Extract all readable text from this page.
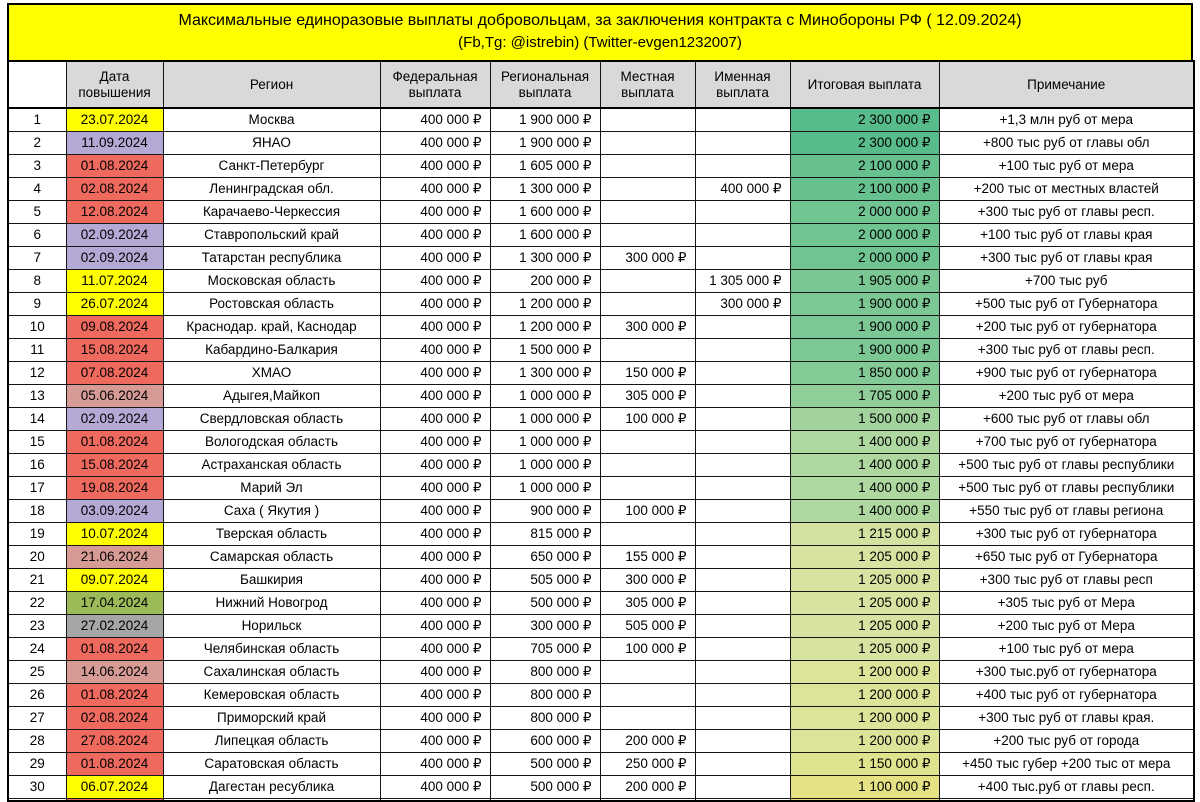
Максимальные единоразовые выплаты добровольцам, за заключения контракта с Минобороны РФ ( 12.09.2024)
(Fb,Tg: @istrebin) (Twitter-evgen1232007)
	Дата повышения	Регион	Федеральная выплата	Региональная выплата	Местная выплата	Именная выплата	Итоговая выплата	Примечание
1	23.07.2024	Москва	400 000 ₽	1 900 000 ₽			2 300 000 ₽	+1,3 млн руб от мера
2	11.09.2024	ЯНАО	400 000 ₽	1 900 000 ₽			2 300 000 ₽	+800 тыс руб от главы обл
3	01.08.2024	Санкт-Петербург	400 000 ₽	1 605 000 ₽			2 100 000 ₽	+100 тыс руб от мера
4	02.08.2024	Ленинградская обл.	400 000 ₽	1 300 000 ₽		400 000 ₽	2 100 000 ₽	+200 тыс от местных властей
5	12.08.2024	Карачаево-Черкессия	400 000 ₽	1 600 000 ₽			2 000 000 ₽	+300 тыс руб от главы респ.
6	02.09.2024	Ставропольский край	400 000 ₽	1 600 000 ₽			2 000 000 ₽	+100 тыс руб от главы края
7	02.09.2024	Татарстан республика	400 000 ₽	1 300 000 ₽	300 000 ₽		2 000 000 ₽	+300 тыс руб от главы края
8	11.07.2024	Московская область	400 000 ₽	200 000 ₽		1 305 000 ₽	1 905 000 ₽	+700 тыс руб
9	26.07.2024	Ростовская область	400 000 ₽	1 200 000 ₽		300 000 ₽	1 900 000 ₽	+500 тыс руб от Губернатора
10	09.08.2024	Краснодар. край, Каснодар	400 000 ₽	1 200 000 ₽	300 000 ₽		1 900 000 ₽	+200 тыс руб от губернатора
11	15.08.2024	Кабардино-Балкария	400 000 ₽	1 500 000 ₽			1 900 000 ₽	+300 тыс руб от главы респ.
12	07.08.2024	ХМАО	400 000 ₽	1 300 000 ₽	150 000 ₽		1 850 000 ₽	+900 тыс руб от губернатора
13	05.06.2024	Адыгея,Майкоп	400 000 ₽	1 000 000 ₽	305 000 ₽		1 705 000 ₽	+200 тыс руб от мера
14	02.09.2024	Свердловская область	400 000 ₽	1 000 000 ₽	100 000 ₽		1 500 000 ₽	+600 тыс руб от главы обл
15	01.08.2024	Вологодская область	400 000 ₽	1 000 000 ₽			1 400 000 ₽	+700 тыс руб от губернатора
16	15.08.2024	Астраханская область	400 000 ₽	1 000 000 ₽			1 400 000 ₽	+500 тыс руб от главы республики
17	19.08.2024	Марий Эл	400 000 ₽	1 000 000 ₽			1 400 000 ₽	+500 тыс руб от главы республики
18	03.09.2024	Саха ( Якутия )	400 000 ₽	900 000 ₽	100 000 ₽		1 400 000 ₽	+550 тыс руб от главы региона
19	10.07.2024	Тверская область	400 000 ₽	815 000 ₽			1 215 000 ₽	+300 тыс руб от губернатора
20	21.06.2024	Самарская область	400 000 ₽	650 000 ₽	155 000 ₽		1 205 000 ₽	+650 тыс руб от Губернатора
21	09.07.2024	Башкирия	400 000 ₽	505 000 ₽	300 000 ₽		1 205 000 ₽	+300 тыс руб от главы респ
22	17.04.2024	Нижний Новогрод	400 000 ₽	500 000 ₽	305 000 ₽		1 205 000 ₽	+305 тыс руб от Мера
23	27.02.2024	Норильск	400 000 ₽	300 000 ₽	505 000 ₽		1 205 000 ₽	+200 тыс руб от Мера
24	01.08.2024	Челябинская область	400 000 ₽	705 000 ₽	100 000 ₽		1 205 000 ₽	+100 тыс руб от мера
25	14.06.2024	Сахалинская область	400 000 ₽	800 000 ₽			1 200 000 ₽	+300 тыс.руб от губернатора
26	01.08.2024	Кемеровская область	400 000 ₽	800 000 ₽			1 200 000 ₽	+400 тыс руб от губернатора
27	02.08.2024	Приморский край	400 000 ₽	800 000 ₽			1 200 000 ₽	+300 тыс руб от главы края.
28	27.08.2024	Липецкая область	400 000 ₽	600 000 ₽	200 000 ₽		1 200 000 ₽	+200 тыс руб от города
29	01.08.2024	Саратовская область	400 000 ₽	500 000 ₽	250 000 ₽		1 150 000 ₽	+450 тыс губер +200 тыс от мера
30	06.07.2024	Дагестан ресублика	400 000 ₽	500 000 ₽	200 000 ₽		1 100 000 ₽	+400 тыс.руб от главы респ.
